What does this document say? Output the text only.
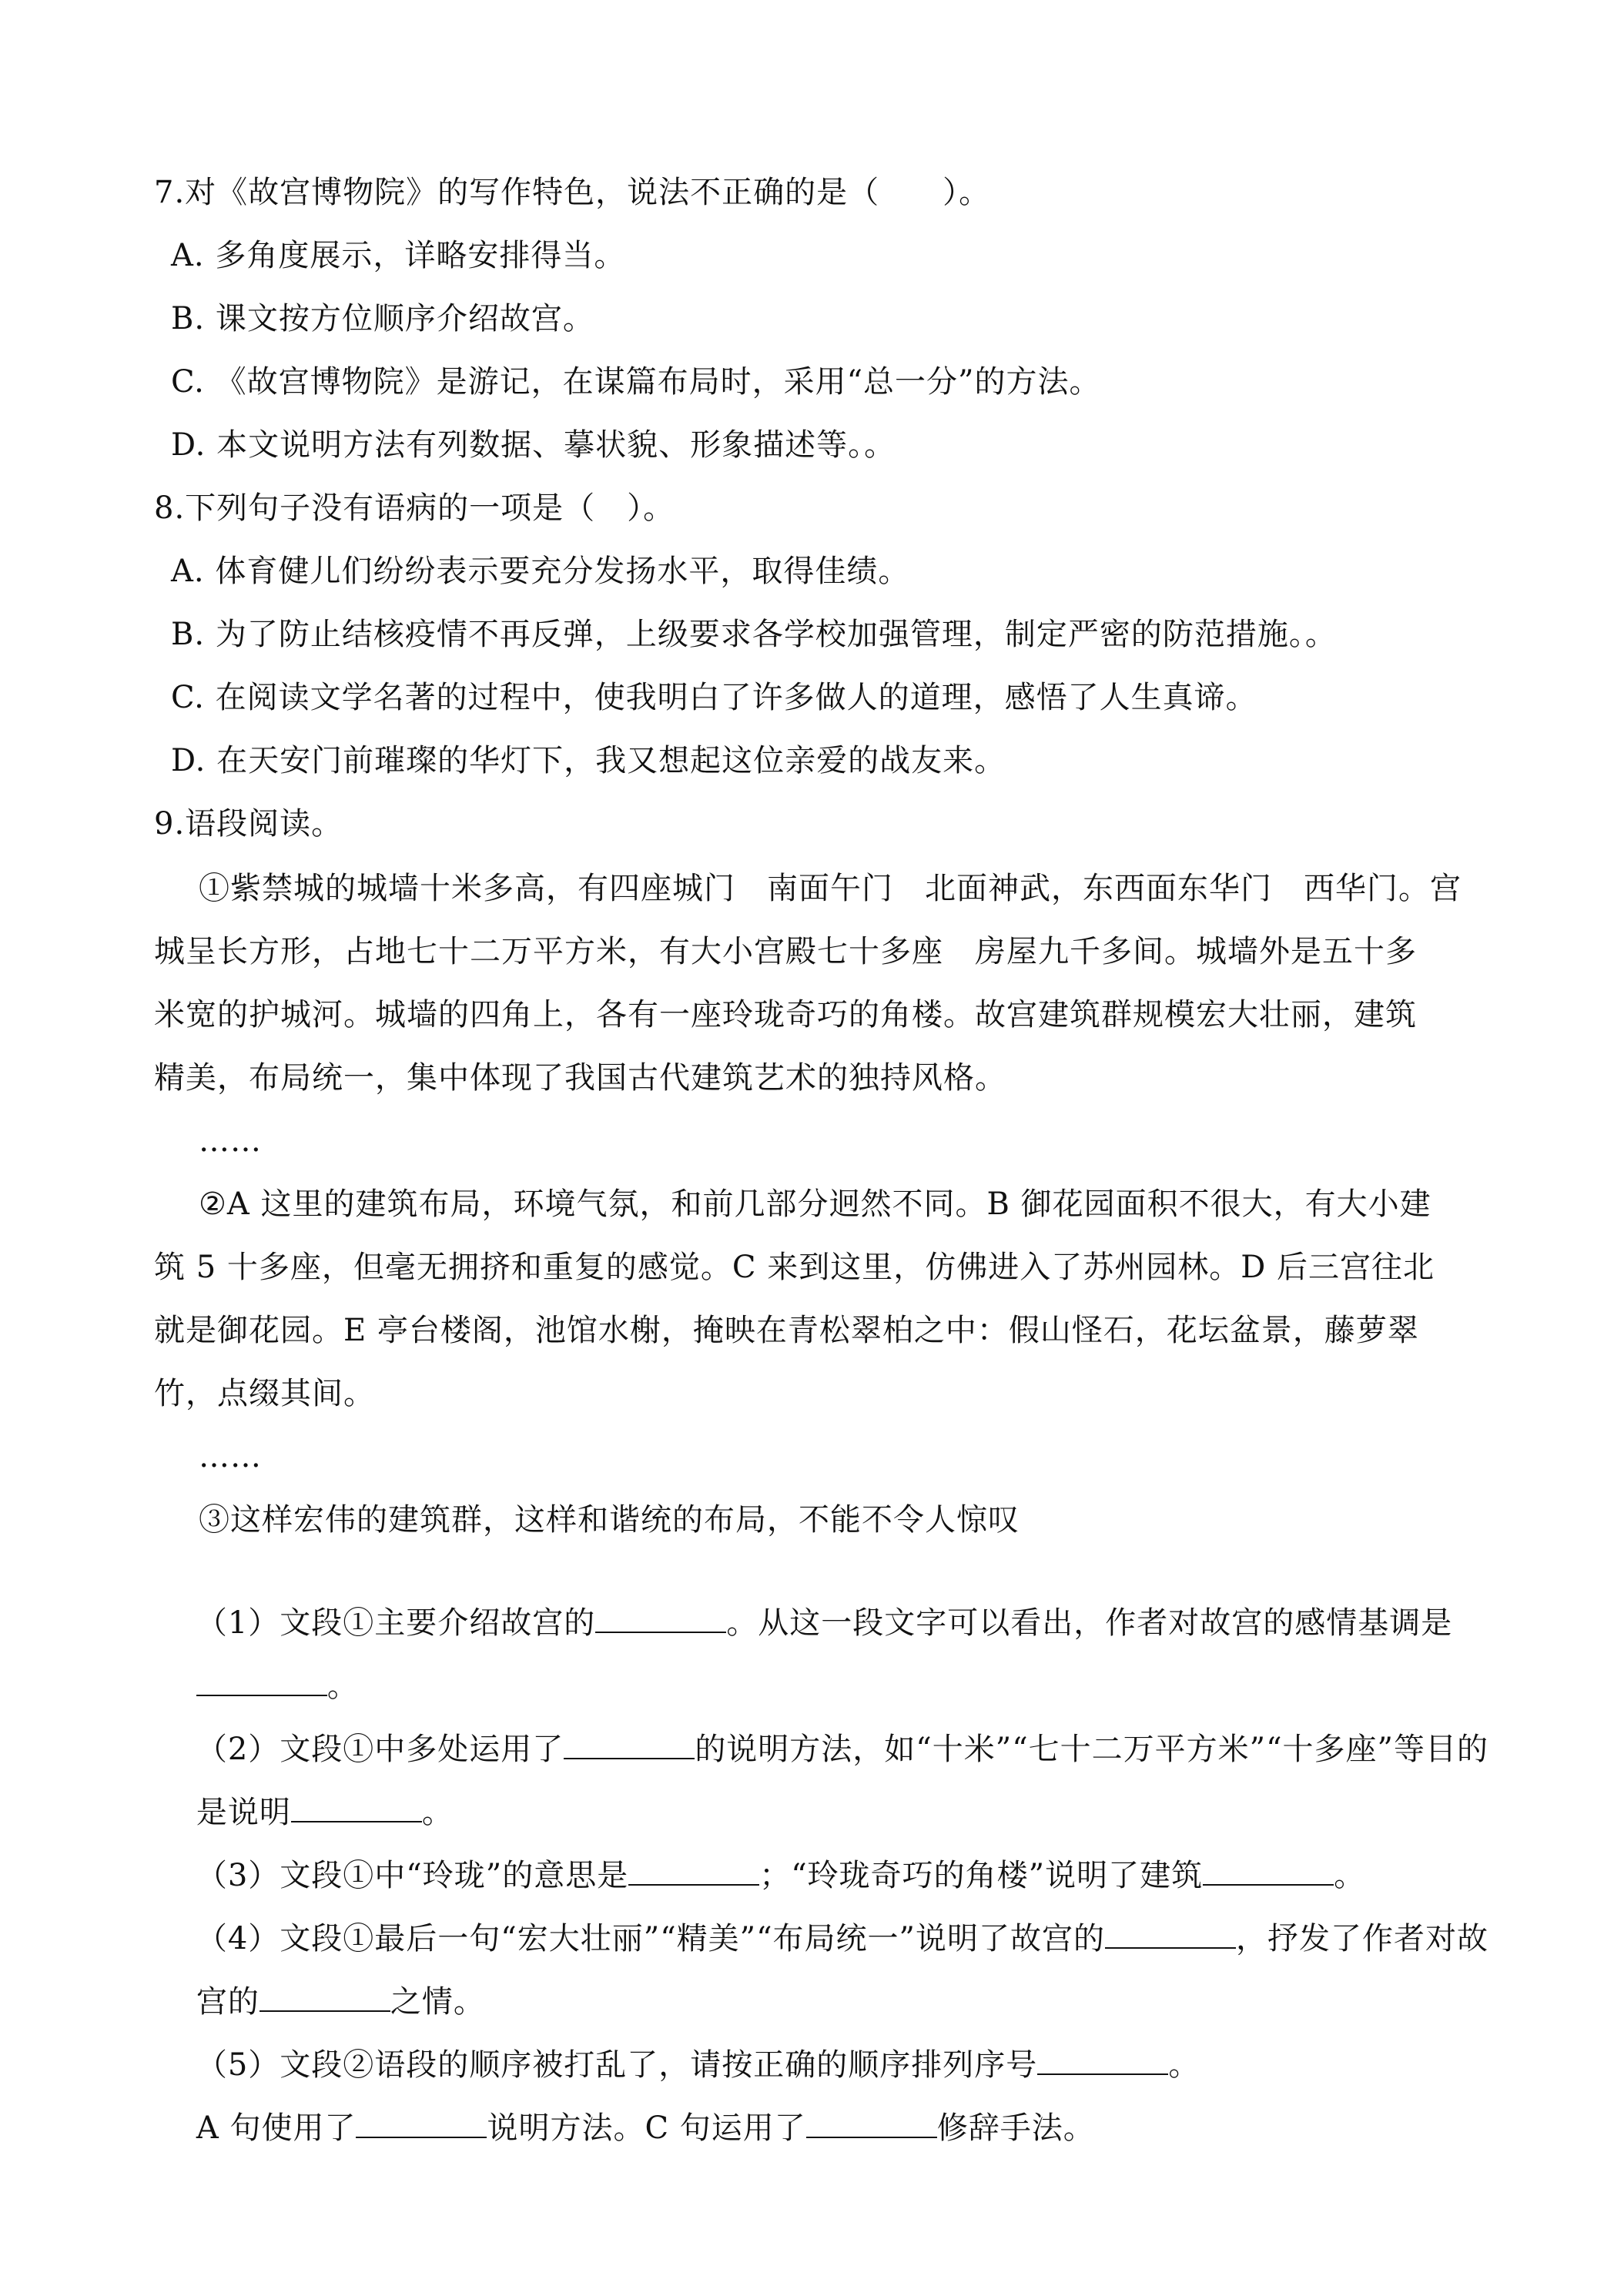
7.对《故宫博物院》的写作特色，说法不正确的是（　　）。
A. 多角度展示，详略安排得当。
B. 课文按方位顺序介绍故宫。
C. 《故宫博物院》是游记，在谋篇布局时，采用“总一分”的方法。
D. 本文说明方法有列数据、摹状貌、形象描述等。。
8.下列句子没有语病的一项是（　）。
A. 体育健儿们纷纷表示要充分发扬水平，取得佳绩。
B. 为了防止结核疫情不再反弹，上级要求各学校加强管理，制定严密的防范措施。。
C. 在阅读文学名著的过程中，使我明白了许多做人的道理，感悟了人生真谛。
D. 在天安门前璀璨的华灯下，我又想起这位亲爱的战友来。
9.语段阅读。
①紫禁城的城墙十米多高，有四座城门　南面午门　北面神武，东西面东华门　西华门。宫
城呈长方形，占地七十二万平方米，有大小宫殿七十多座　房屋九千多间。城墙外是五十多
米宽的护城河。城墙的四角上，各有一座玲珑奇巧的角楼。故宫建筑群规模宏大壮丽，建筑
精美，布局统一，集中体现了我国古代建筑艺术的独持风格。
……
②A 这里的建筑布局，环境气氛，和前几部分迥然不同。B 御花园面积不很大，有大小建
筑 5 十多座，但毫无拥挤和重复的感觉。C 来到这里，仿佛进入了苏州园林。D 后三宫往北
就是御花园。E 亭台楼阁，池馆水榭，掩映在青松翠柏之中：假山怪石，花坛盆景，藤萝翠
竹，点缀其间。
……
③这样宏伟的建筑群，这样和谐统的布局，不能不令人惊叹

（1）文段①主要介绍故宫的	。从这一段文字可以看出，作者对故宫的感情基调是

。

（2）文段①中多处运用了	的说明方法，如“十米”“七十二万平方米”“十多座”等目的

是说明	。

（3）文段①中“玲珑”的意思是	；“玲珑奇巧的角楼”说明了建筑	。

（4）文段①最后一句“宏大壮丽”“精美”“布局统一”说明了故宫的	，抒发了作者对故

宫的	之情。

（5）文段②语段的顺序被打乱了，请按正确的顺序排列序号	。

A 句使用了	说明方法。C 句运用了	修辞手法。
